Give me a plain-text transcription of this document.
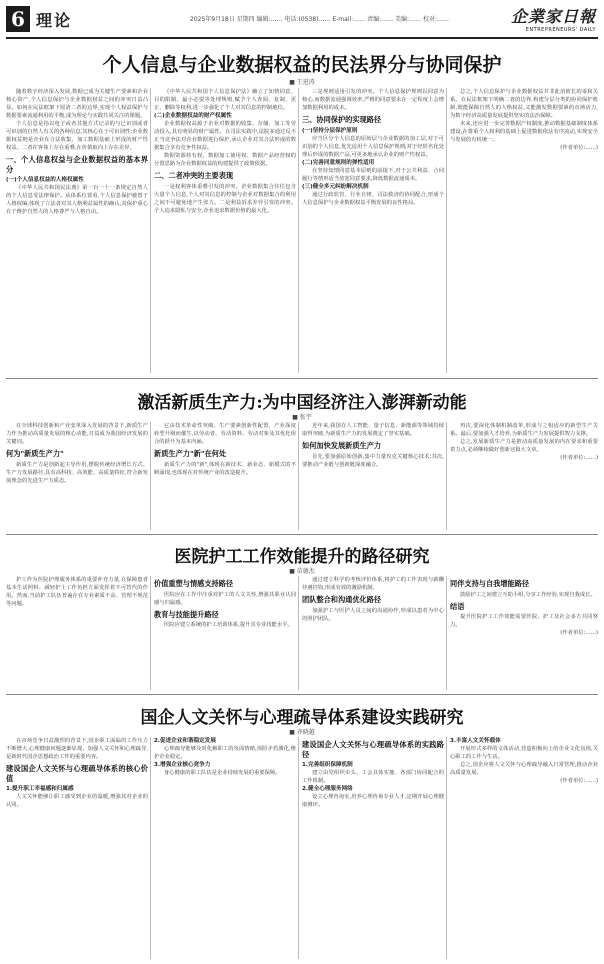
6 理论	2025年9月18日 星期四 编辑:…… 电话:(0538)…… E-mail:…… 责编:…… 美编:…… 校对:……	企業家日報
ENTREPRENEURS' DAILY
个人信息与企业数据权益的民法界分与协同保护
■ 王进涛

随着数字经济深入发展,数据已成为关键生产要素和企业核心资产,个人信息保护与企业数据权益之间的冲突日益凸显。如何在民法框架下厘清二者的边界,实现个人权益保护与数据要素流通利用的平衡,成为理论与实践共同关注的课题。

个人信息是指以电子或者其他方式记录的与已识别或者可识别的自然人有关的各种信息,其核心在于可识别性;企业数据权益则是企业在合法收集、加工数据基础上形成的财产性权益。二者在客体上存在重叠,在价值取向上存在差异。

一、个人信息权益与企业数据权益的基本界分
(一)个人信息权益的人格权属性

《中华人民共和国民法典》第一百一十一条规定自然人的个人信息受法律保护。从体系位置看,个人信息保护被置于人格权编,体现了立法者对其人格利益属性的确认,其保护重心在于维护自然人的人格尊严与人格自由。

《中华人民共和国个人信息保护法》确立了知情同意、目的限制、最小必要等处理规则,赋予个人查阅、复制、更正、删除等权利,进一步强化了个人对其信息的控制地位。

(二)企业数据权益的财产权属性

企业数据权益源于企业对数据的收集、存储、加工等劳动投入,具有明显的财产属性。在司法实践中,法院多通过反不正当竞争法对企业数据进行保护,承认企业对其合法形成的数据集合享有竞争性权益。

数据资源持有权、数据加工使用权、数据产品经营权的分置思路为企业数据权益的构建提供了政策依据。

二、二者冲突的主要表现

一是权利客体重叠引发的冲突。企业数据集合往往包含大量个人信息,个人对其信息的控制与企业对数据集合的利用之间不可避免地产生张力。二是利益诉求差异引发的冲突。个人追求隐私与安全,企业追求数据价值的最大化。

三是规则适用引发的冲突。个人信息保护规则以同意为核心,而数据流通强调效率,严格的同意要求在一定程度上会增加数据利用的成本。

三、协同保护的实现路径
(一)坚持分层保护原则

应当区分个人信息的原始层与企业数据的加工层,对于可识别的个人信息,优先适用个人信息保护规则;对于经匿名化处理后形成的数据产品,可更多地承认企业的财产性权益。

(二)完善同意规则的弹性适用

在坚持知情同意基本原则的前提下,对于公共利益、合同履行等情形适当放宽同意要求,降低数据流通成本。

(三)健全多元纠纷解决机制

通过行政监管、行业自律、司法救济的协同配合,形成个人信息保护与企业数据权益平衡发展的良性格局。

总之,个人信息保护与企业数据权益并非此消彼长的零和关系。在民法框架下明确二者的边界,构建分层分类的协同保护机制,既能保障自然人的人格权益,又能激发数据要素的市场活力,为数字经济高质量发展提供坚实的法治保障。

未来,还应进一步完善数据产权制度,推动数据基础制度体系建设,在尊重个人权利的基础上促进数据依法有序流动,实现安全与发展的有机统一。

(作者单位:……)
激活新质生产力:为中国经济注入澎湃新动能
■ 张宇

在全球科技创新和产业变革深入发展的背景下,新质生产力作为推动高质量发展的核心动能,日益成为我国经济发展的关键词。

何为"新质生产力"

新质生产力是创新起主导作用,摆脱传统经济增长方式、生产力发展路径,具有高科技、高效能、高质量特征,符合新发展理念的先进生产力质态。

它由技术革命性突破、生产要素创新性配置、产业深度转型升级而催生,以劳动者、劳动资料、劳动对象及其优化组合的跃升为基本内涵。

新质生产力"新"在何处

新质生产力的"新",体现在新技术、新业态、新模式的不断涌现,也体现在对传统产业的改造提升。

近年来,我国在人工智能、量子信息、新能源等领域持续取得突破,为新质生产力的发展奠定了坚实基础。

如何加快发展新质生产力

首先,要加强原始创新,集中力量攻克关键核心技术;其次,要推动产业链与创新链深度融合。

再次,要深化体制机制改革,形成与之相适应的新型生产关系。最后,要加强人才培养,为新质生产力发展提供智力支撑。

总之,发展新质生产力是推动高质量发展的内在要求和重要着力点,必须继续做好创新这篇大文章。

(作者单位:……)
医院护工工作效能提升的路径研究
■ 苗德杰

护工作为医院护理服务体系的重要补充力量,在保障患者基本生活照料、减轻护士工作负担方面发挥着不可替代的作用。然而,当前护工队伍普遍存在专业素质不高、管理不规范等问题。

价值重塑与情感支持路径

医院应在工作中注重对护工的人文关怀,增强其职业认同感与归属感。

教育与技能提升路径

医院应建立系统的护工培训体系,提升其专业技能水平。

通过建立科学的考核评价体系,将护工的工作表现与薪酬待遇挂钩,形成有效的激励机制。

团队整合和沟通优化路径

加强护工与医护人员之间的沟通协作,形成以患者为中心的照护团队。

同伴支持与自我增能路径

鼓励护工之间建立互助小组,分享工作经验,实现自我成长。

结语

提升医院护工工作效能需要医院、护工及社会多方共同努力。

(作者单位:……)
国企人文关怀与心理疏导体系建设实践研究
■ 齐晓越

在市场竞争日益激烈的背景下,国企职工面临的工作压力不断增大,心理健康问题逐渐显现。加强人文关怀和心理疏导,是新时代国企思想政治工作的重要内容。

建设国企人文关怀与心理疏导体系的核心价值
1.提升职工幸福感和归属感

人文关怀能够让职工感受到企业的温暖,增强其对企业的认同。

2.促进企业和谐稳定发展

心理疏导能够及时化解职工的负面情绪,预防矛盾激化,维护企业稳定。

3.增强企业核心竞争力

身心健康的职工队伍是企业持续发展的重要保障。

建设国企人文关怀与心理疏导体系的实践路径
1.完善组织保障机制

建立由党组织牵头、工会具体实施、各部门协同配合的工作机制。

2.健全心理服务网络

设立心理咨询室,培养心理咨询专业人才,定期开展心理健康测评。

3.丰富人文关怀载体

开展形式多样的文体活动,营造积极向上的企业文化氛围,关心职工的工作与生活。

总之,国企应将人文关怀与心理疏导融入日常管理,推动企业高质量发展。

(作者单位:……)
